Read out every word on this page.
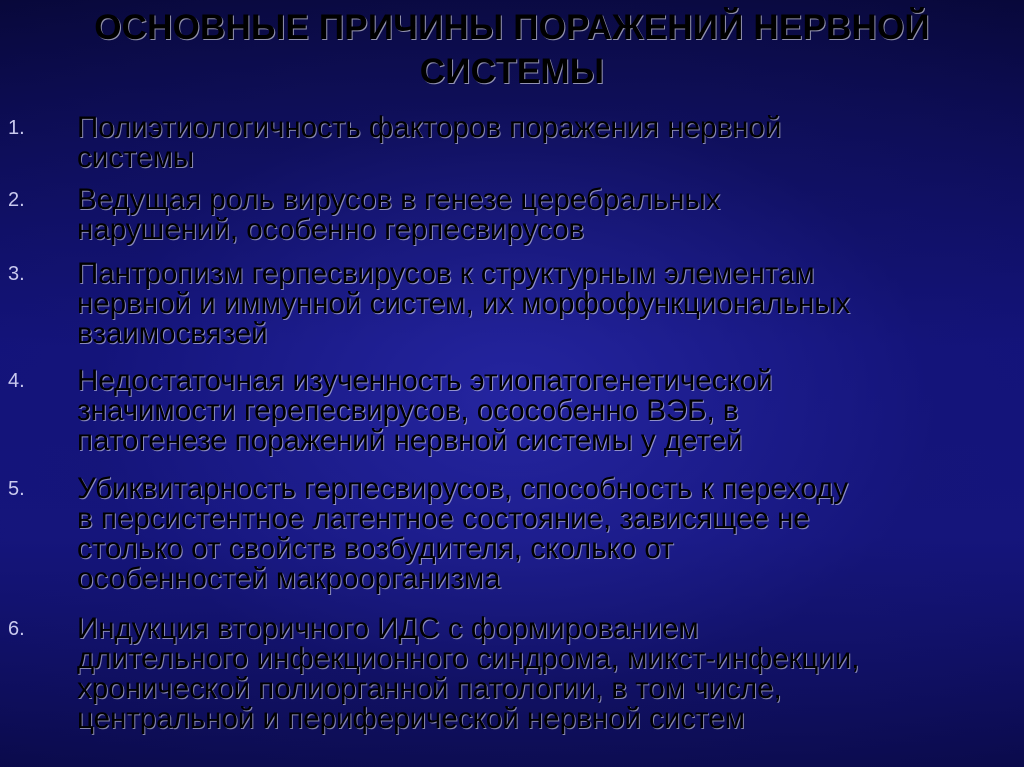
ОСНОВНЫЕ ПРИЧИНЫ ПОРАЖЕНИЙ НЕРВНОЙ
СИСТЕМЫ
1. Полиэтиологичность факторов поражения нервной
системы
2. Ведущая роль вирусов в генезе церебральных
нарушений, особенно герпесвирусов
3. Пантропизм герпесвирусов к структурным элементам
нервной и иммунной систем, их морфофункциональных
взаимосвязей
4. Недостаточная изученность этиопатогенетической
значимости герепесвирусов, осособенно ВЭБ, в
патогенезе поражений нервной системы у детей
5. Убиквитарность герпесвирусов, способность к переходу
в персистентное латентное состояние, зависящее не
столько от свойств возбудителя, сколько от
особенностей макроорганизма
6. Индукция вторичного ИДС с формированием
длительного инфекционного синдрома, микст-инфекции,
хронической полиорганной патологии, в том числе,
центральной и периферической нервной систем
